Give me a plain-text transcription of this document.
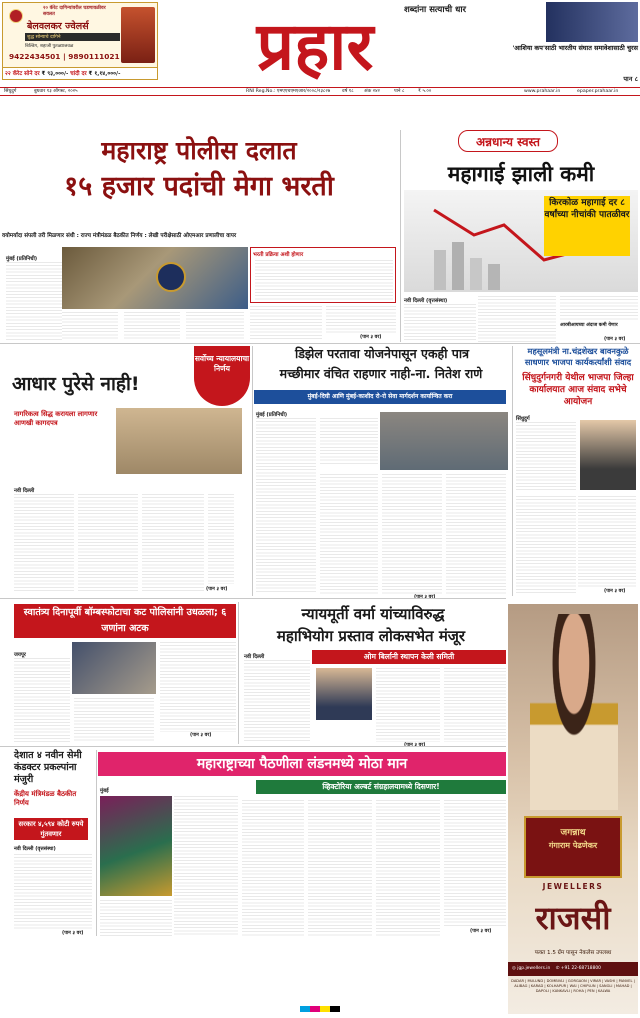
२० कॅरेट दागिन्यांवरील घडणावळीवर सवलत
बेलवलकर ज्वेलर्स
शुद्ध सोन्याचे दागिने
बिल्डिंग, शहाजी पुतळ्याजवळ
9422434501 | 9890111021
२२ कॅरेट सोने दर ₹ ९३,०००/- चांदी दर ₹ १,१४,०००/-
शब्दांना सत्याची धार
प्रहार	'आशिया कप'साठी भारतीय संघात समावेशासाठी चुरस
पान ८
सिंधुदुर्ग	बुधवार १३ ऑगस्ट, २०२५	RNI Reg.No.: एमएएचएमएआर/२००८/२३८२७	वर्ष १८ अंक २४२	पाने ८	₹ ५.००	www.prahaar.in	epaper.prahaar.in
महाराष्ट्र पोलीस दलात
१५ हजार पदांची मेगा भरती
वयोमर्यादा संपली तरी मिळणार संधी : राज्य मंत्रीमंडळ बैठकीत निर्णय : लेखी परीक्षेसाठी ओएमआर प्रणालीचा वापर
मुंबई (प्रतिनिधी)
भरती प्रक्रिया अशी होणार
(पान ३ वर)
अन्नधान्य स्वस्त
महागाई झाली कमी
किरकोळ महागाई दर ८ वर्षांच्या नीचांकी पातळीवर
नवी दिल्ली (वृत्तसंस्था)
आरबीआयच्या अंदाज कमी येणार
(पान ३ वर)
आधार पुरेसे नाही!
सर्वोच्च न्यायालयाचा निर्णय
नागरिकत्व सिद्ध करायला लागणार आणखी कागदपत्र
नवी दिल्ली
(पान ३ वर)
डिझेल परतावा योजनेपासून एकही पात्र
मच्छीमार वंचित राहणार नाही-ना. नितेश राणे
मुंबई-दिघी आणि मुंबई-काशीद रो-रो सेवा मार्गदर्शन कार्यान्वित करा
मुंबई (प्रतिनिधी)
महसूलमंत्री ना.चंद्रशेखर बावनकुळे साधणार भाजपा कार्यकर्त्यांशी संवाद
सिंधुदुर्गनगरी येथील भाजपा जिल्हा कार्यालयात आज संवाद सभेचे आयोजन
सिंधुदुर्ग
(पान ३ वर)
स्वातंत्र्य दिनापूर्वी बॉम्बस्फोटाचा कट पोलिसांनी उधळला; ६ जणांना अटक
जयपूर
(पान ३ वर)
न्यायमूर्ती वर्मा यांच्याविरुद्ध
महाभियोग प्रस्ताव लोकसभेत मंजूर
नवी दिल्ली	ओम बिर्लानी स्थापन केली समिती
देशात ४ नवीन सेमी कंडक्टर प्रकल्पांना मंजुरी
केंद्रीय मंत्रिमंडळ बैठकीत निर्णय
सरकार ४,५९४ कोटी रुपये गुंतवणार
नवी दिल्ली (वृत्तसंस्था)
(पान ३ वर)
महाराष्ट्राच्या पैठणीला लंडनमध्ये मोठा मान
व्हिक्टोरिया अल्बर्ट संग्रहालयामध्ये दिसणार!
मुंबई
(पान ३ वर)
जगन्नाथ
गंगाराम पेढणेकर
JEWELLERS
राजसी
फक्त 1.5 ग्रॅम पासून नेकलेस उपलब्ध
◎ jgp.jewellers.in ✆ +91 22-68718800
DADAR | MULUND | DOMBIVLI | GORGAON | VIRAR | VASHI | PANVEL | ALIBAG | KARAD | KOLHAPUR | WAI | CHIPLUN | SANGLI | MAHAD | DAPOLI | KANKAVLI | ROHA | PEN | KALWA
